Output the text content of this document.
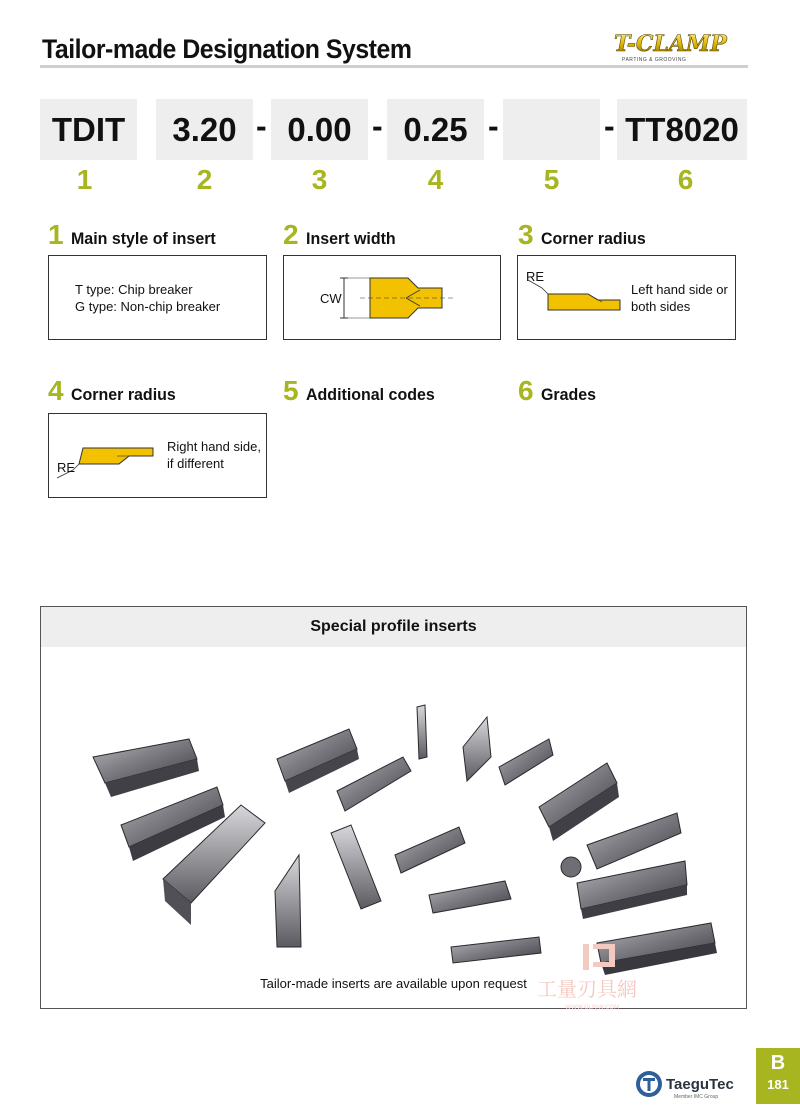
Tailor-made Designation System	T-CLAMP
PARTING & GROOVING
TDIT	3.20 - 0.00 - 0.25 -	- TT8020
1	2	3	4	5	6
1 Main style of insert
T type: Chip breaker
G type: Non-chip breaker
2 Insert width
CW
3 Corner radius
RE
Left hand side or
both sides
4 Corner radius
RE
Right hand side,
if different
5 Additional codes	6 Grades
Special profile inserts
Tailor-made inserts are available upon request 工量刃具網
WWW.GLRJW.COM
TaeguTec
Member IMC Group
B
181
